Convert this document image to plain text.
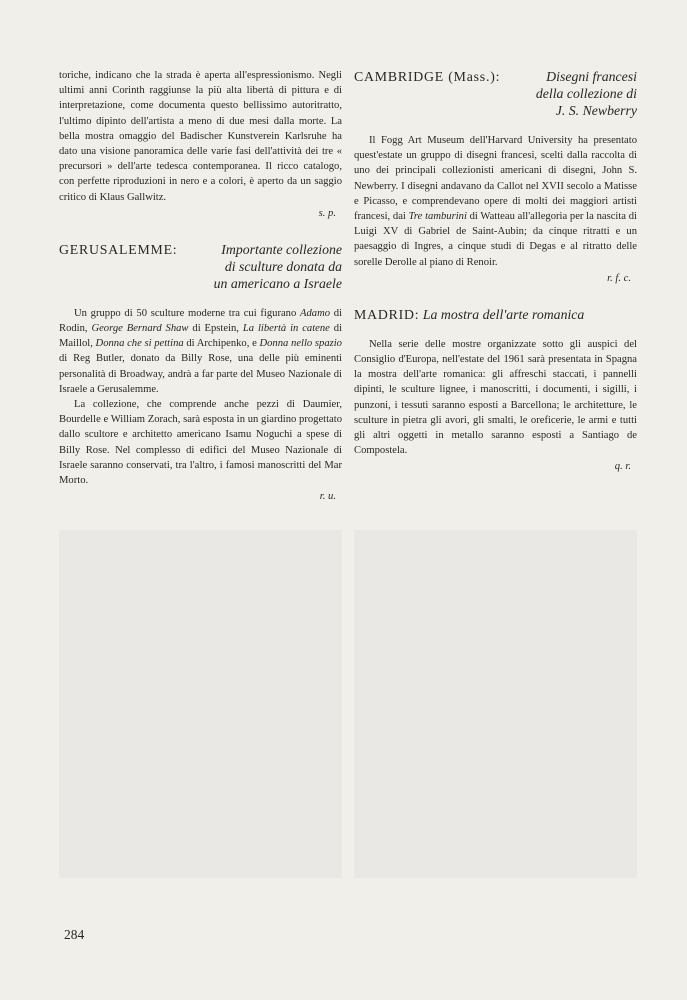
toriche, indicano che la strada è aperta all'espressionismo. Negli ultimi anni Corinth raggiunse la più alta libertà di pittura e di interpretazione, come documenta questo bellissimo autoritratto, l'ultimo dipinto dell'artista a meno di due mesi dalla morte. La bella mostra omaggio del Badischer Kunstverein Karlsruhe ha dato una visione panoramica delle varie fasi dell'attività dei tre « precursori » dell'arte tedesca contemporanea. Il ricco catalogo, con perfette riproduzioni in nero e a colori, è aperto da un saggio critico di Klaus Gallwitz.

s. p.
GERUSALEMME:	Importante collezione
di sculture donata da
un americano a Israele

Un gruppo di 50 sculture moderne tra cui figurano Adamo di Rodin, George Bernard Shaw di Epstein, La libertà in catene di Maillol, Donna che si pettina di Archipenko, e Donna nello spazio di Reg Butler, donato da Billy Rose, una delle più eminenti personalità di Broadway, andrà a far parte del Museo Nazionale di Israele a Gerusalemme.

La collezione, che comprende anche pezzi di Daumier, Bourdelle e William Zorach, sarà esposta in un giardino progettato dallo scultore e architetto americano Isamu Noguchi a spese di Billy Rose. Nel complesso di edifici del Museo Nazionale di Israele saranno conservati, tra l'altro, i famosi manoscritti del Mar Morto.

r. u.
CAMBRIDGE (Mass.):	Disegni francesi
della collezione di
J. S. Newberry

Il Fogg Art Museum dell'Harvard University ha presentato quest'estate un gruppo di disegni francesi, scelti dalla raccolta di uno dei principali collezionisti americani di disegni, John S. Newberry. I disegni andavano da Callot nel XVII secolo a Matisse e Picasso, e comprendevano opere di molti dei maggiori artisti francesi, dai Tre tamburini di Watteau all'allegoria per la nascita di Luigi XV di Gabriel de Saint-Aubin; da cinque ritratti e un paesaggio di Ingres, a cinque studi di Degas e al ritratto delle sorelle Derolle al piano di Renoir.

r. f. c.
MADRID: La mostra dell'arte romanica

Nella serie delle mostre organizzate sotto gli auspici del Consiglio d'Europa, nell'estate del 1961 sarà presentata in Spagna la mostra dell'arte romanica: gli affreschi staccati, i pannelli dipinti, le sculture lignee, i manoscritti, i documenti, i sigilli, i punzoni, i tessuti saranno esposti a Barcellona; le architetture, le sculture in pietra gli avori, gli smalti, le oreficerie, le armi e tutti gli altri oggetti in metallo saranno esposti a Santiago de Compostela.

q. r.
284
